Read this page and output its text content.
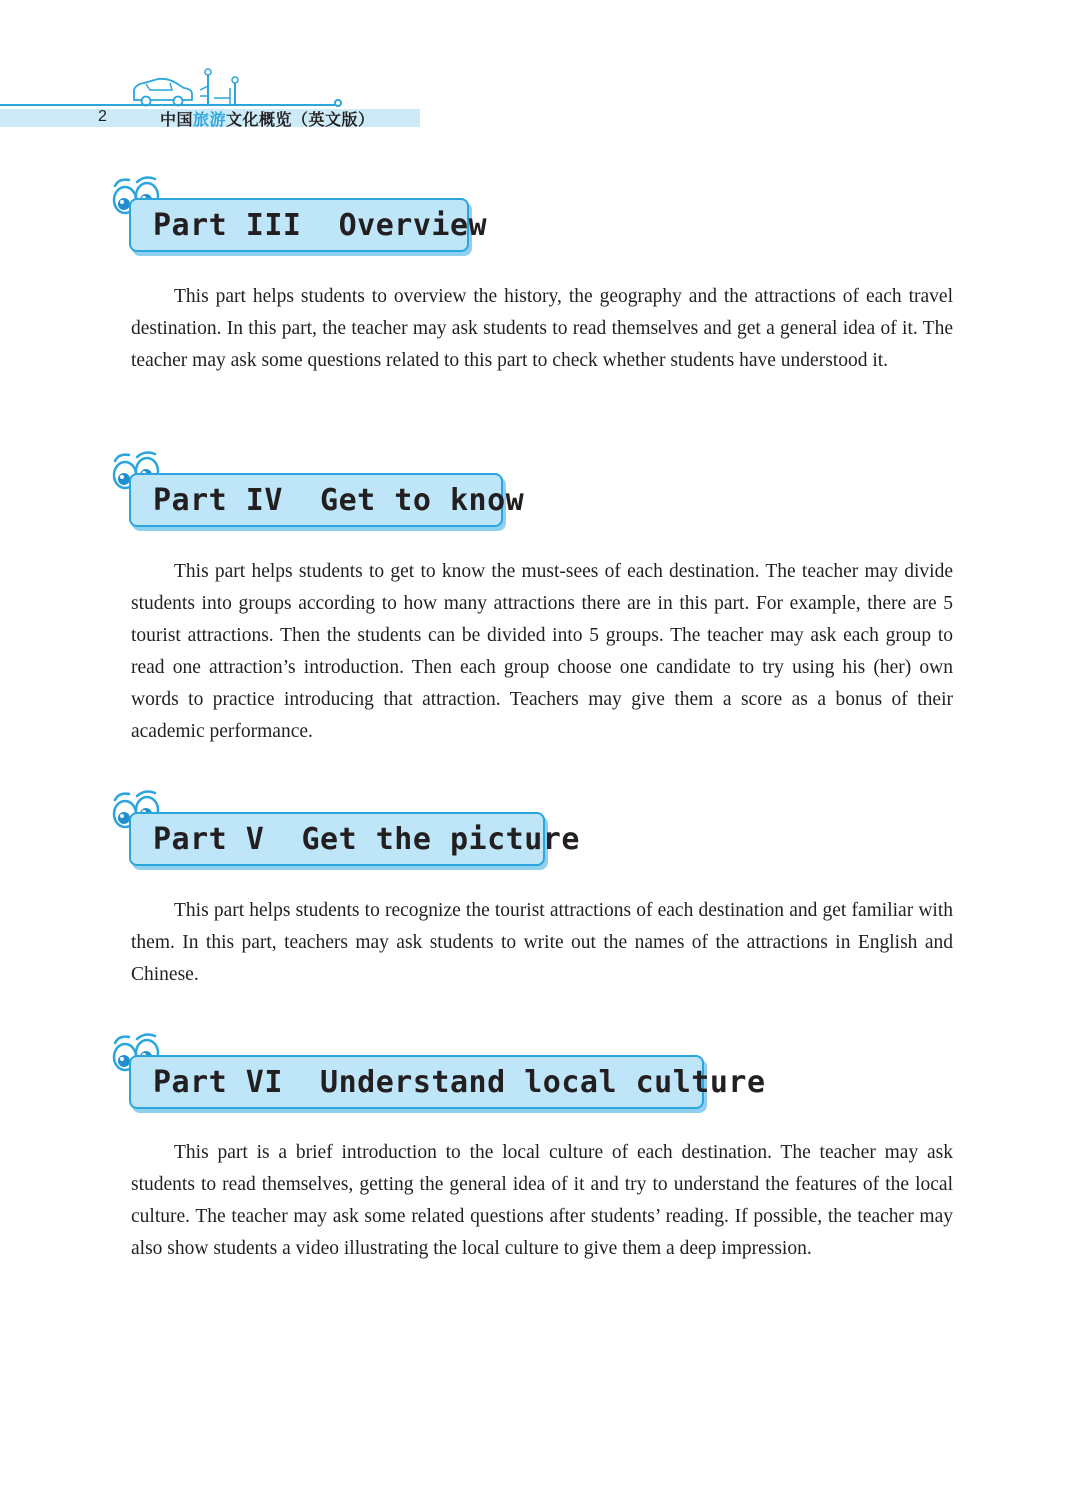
2	中国旅游文化概览（英文版）
Part III  Overview

This part helps students to overview the history, the geography and the attractions of each travel destination. In this part, the teacher may ask students to read themselves and get a general idea of it. The teacher may ask some questions related to this part to check whether students have understood it.

Part IV  Get to know

This part helps students to get to know the must-sees of each destination. The teacher may divide students into groups according to how many attractions there are in this part. For example, there are 5 tourist attractions. Then the students can be divided into 5 groups. The teacher may ask each group to read one attraction’s introduction. Then each group choose one candidate to try using his (her) own words to practice introducing that attraction. Teachers may give them a score as a bonus of their academic performance.

Part V  Get the picture

This part helps students to recognize the tourist attractions of each destination and get familiar with them. In this part, teachers may ask students to write out the names of the attractions in English and Chinese.

Part VI  Understand local culture

This part is a brief introduction to the local culture of each destination. The teacher may ask students to read themselves, getting the general idea of it and try to understand the features of the local culture. The teacher may ask some related questions after students’ reading. If possible, the teacher may also show students a video illustrating the local culture to give them a deep impression.
